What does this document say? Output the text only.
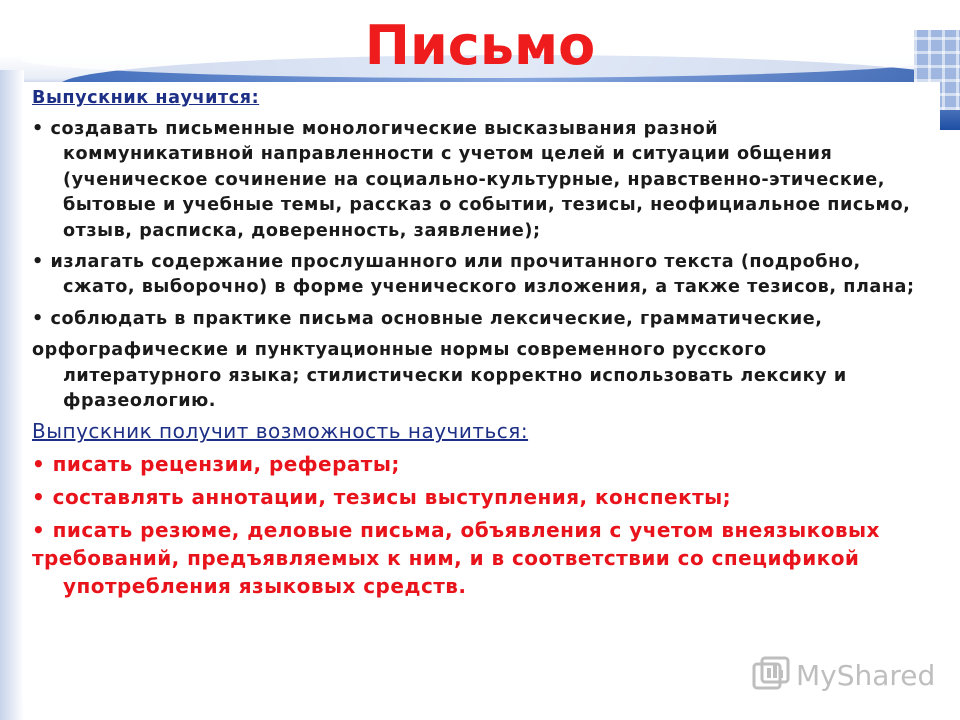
Письмо

Выпускник научится:

• создавать письменные монологические высказывания разной

коммуникативной направленности с учетом целей и ситуации общения (ученическое сочинение на социально-культурные, нравственно-этические, бытовые и учебные темы, рассказ о событии, тезисы, неофициальное письмо, отзыв, расписка, доверенность, заявление);

• излагать содержание прослушанного или прочитанного текста (подробно, сжато, выборочно) в форме ученического изложения, а также тезисов, плана;

• соблюдать в практике письма основные лексические, грамматические,

орфографические и пунктуационные нормы современного русского литературного языка; стилистически корректно использовать лексику и фразеологию.

Выпускник получит возможность научиться:

• писать рецензии, рефераты;

• составлять аннотации, тезисы выступления, конспекты;

• писать резюме, деловые письма, объявления с учетом внеязыковых

требований, предъявляемых к ним, и в соответствии со спецификой употребления языковых средств.

MyShared
